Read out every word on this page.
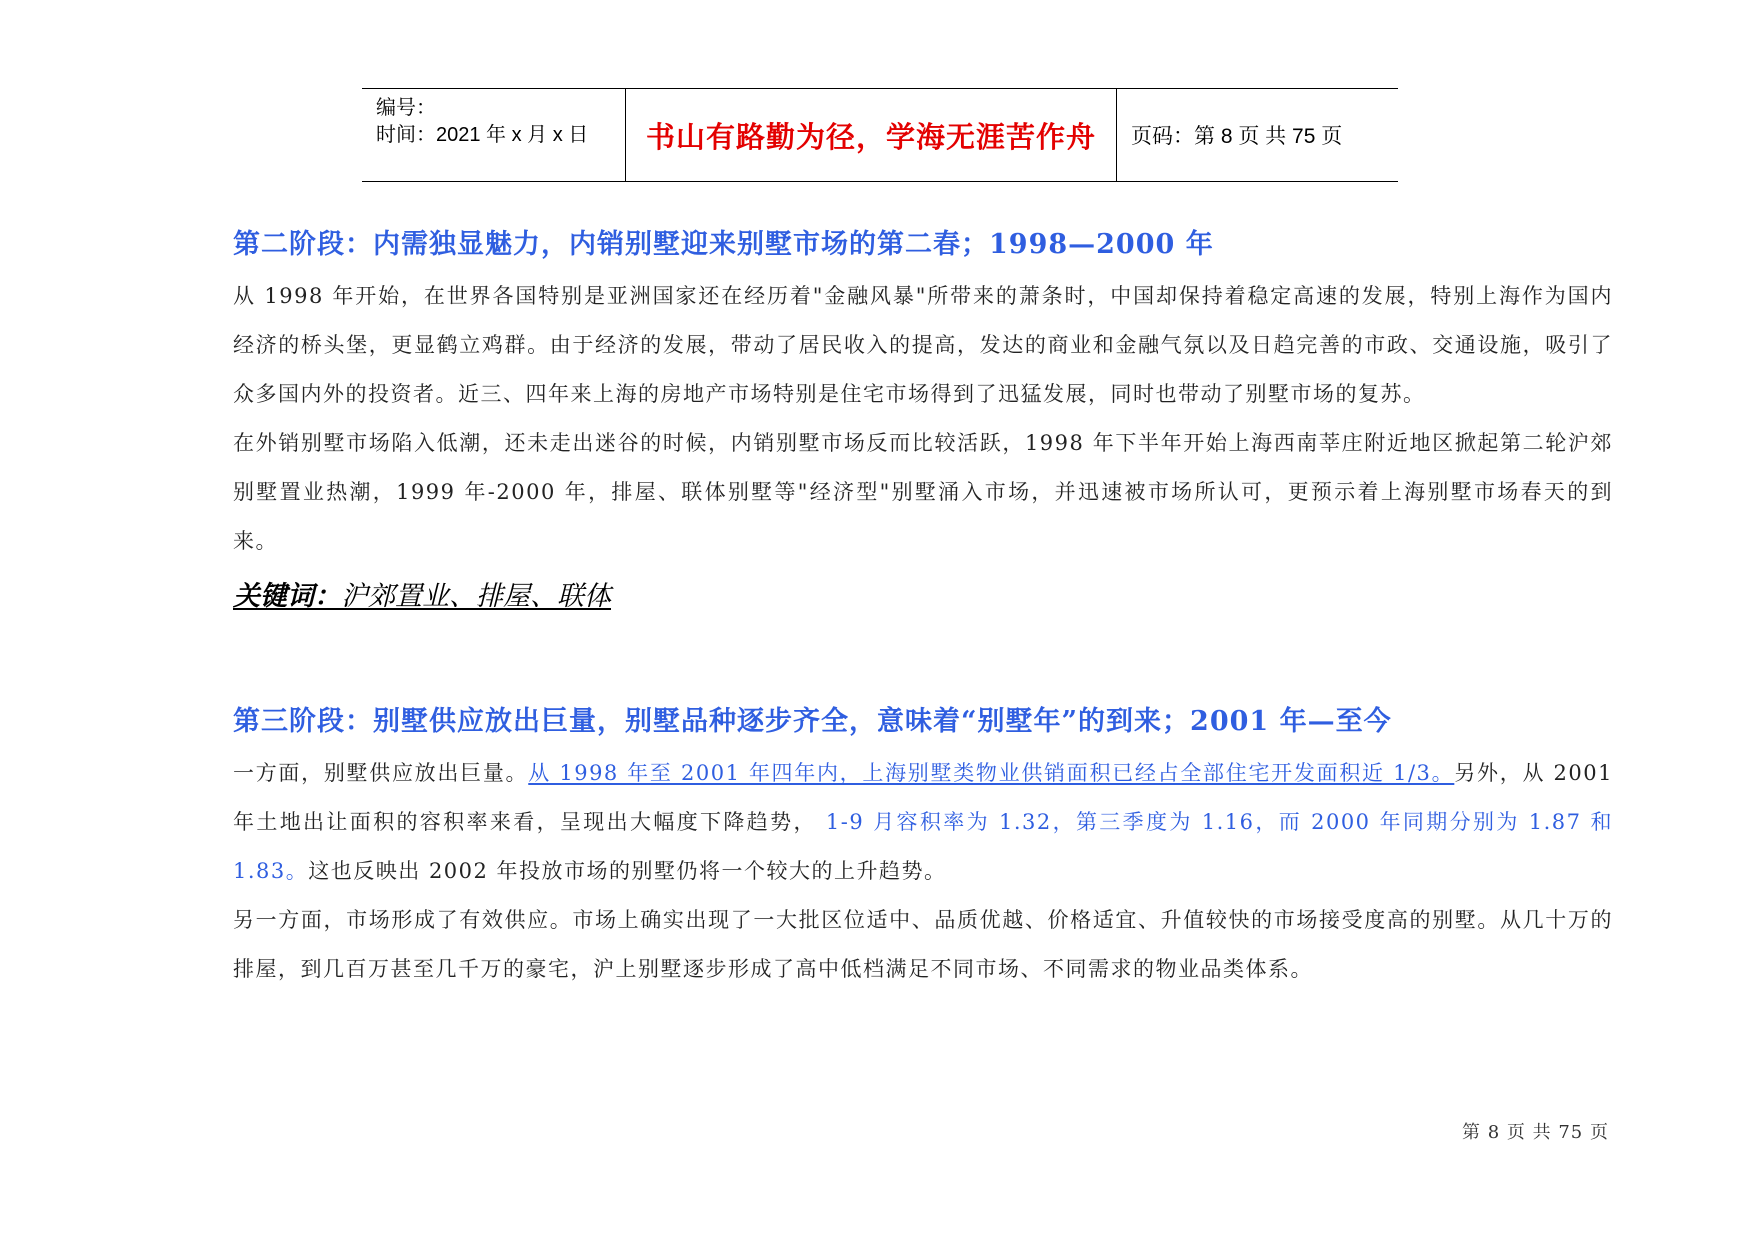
编号：
时间：2021 年 x 月 x 日	书山有路勤为径，学海无涯苦作舟	页码：第 8 页 共 75 页
第二阶段：内需独显魅力，内销别墅迎来别墅市场的第二春；1998—2000 年

从 1998 年开始，在世界各国特别是亚洲国家还在经历着"金融风暴"所带来的萧条时，中国却保持着稳定高速的发展，特别上海作为国内经济的桥头堡，更显鹤立鸡群。由于经济的发展，带动了居民收入的提高，发达的商业和金融气氛以及日趋完善的市政、交通设施，吸引了众多国内外的投资者。近三、四年来上海的房地产市场特别是住宅市场得到了迅猛发展，同时也带动了别墅市场的复苏。

在外销别墅市场陷入低潮，还未走出迷谷的时候，内销别墅市场反而比较活跃，1998 年下半年开始上海西南莘庄附近地区掀起第二轮沪郊别墅置业热潮，1999 年-2000 年，排屋、联体别墅等"经济型"别墅涌入市场，并迅速被市场所认可，更预示着上海别墅市场春天的到来。

关键词：沪郊置业、排屋、联体
第三阶段：别墅供应放出巨量，别墅品种逐步齐全，意味着“别墅年”的到来；2001 年—至今

一方面，别墅供应放出巨量。从 1998 年至 2001 年四年内，上海别墅类物业供销面积已经占全部住宅开发面积近 1/3。另外，从 2001 年土地出让面积的容积率来看，呈现出大幅度下降趋势， 1-9 月容积率为 1.32，第三季度为 1.16，而 2000 年同期分别为 1.87 和 1.83。这也反映出 2002 年投放市场的别墅仍将一个较大的上升趋势。

另一方面，市场形成了有效供应。市场上确实出现了一大批区位适中、品质优越、价格适宜、升值较快的市场接受度高的别墅。从几十万的排屋，到几百万甚至几千万的豪宅，沪上别墅逐步形成了高中低档满足不同市场、不同需求的物业品类体系。

第 8 页 共 75 页
